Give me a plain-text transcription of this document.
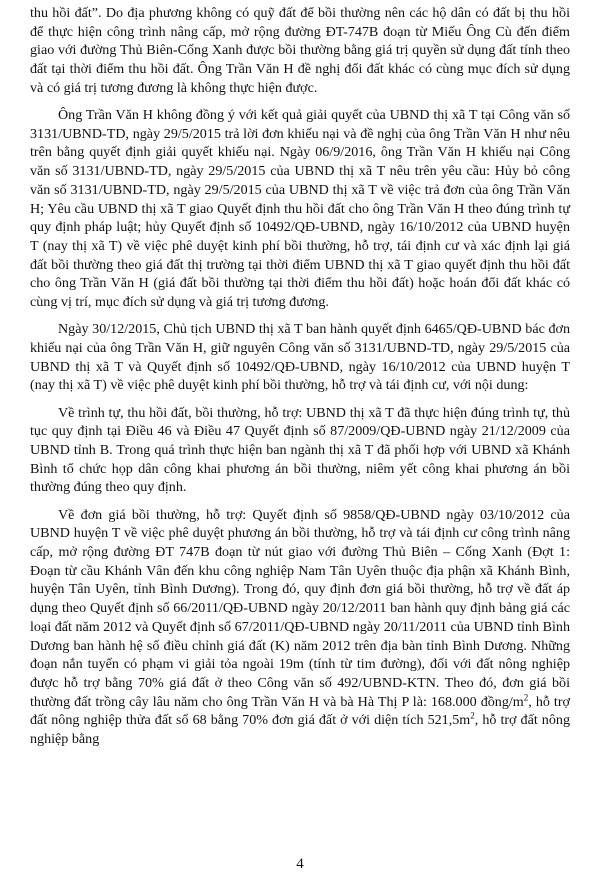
thu hồi đất”. Do địa phương không có quỹ đất để bồi thường nên các hộ dân có đất bị thu hồi để thực hiện công trình nâng cấp, mở rộng đường ĐT-747B đoạn từ Miếu Ông Cù đến điểm giao với đường Thủ Biên-Cống Xanh được bồi thường bằng giá trị quyền sử dụng đất tính theo đất tại thời điểm thu hồi đất. Ông Trần Văn H đề nghị đổi đất khác có cùng mục đích sử dụng và có giá trị tương đương là không thực hiện được.

Ông Trần Văn H không đồng ý với kết quả giải quyết của UBND thị xã T tại Công văn số 3131/UBND-TD, ngày 29/5/2015 trả lời đơn khiếu nại và đề nghị của ông Trần Văn H như nêu trên bằng quyết định giải quyết khiếu nại. Ngày 06/9/2016, ông Trần Văn H khiếu nại Công văn số 3131/UBND-TD, ngày 29/5/2015 của UBND thị xã T nêu trên yêu cầu: Hủy bỏ công văn số 3131/UBND-TD, ngày 29/5/2015 của UBND thị xã T về việc trả đơn của ông Trần Văn H; Yêu cầu UBND thị xã T giao Quyết định thu hồi đất cho ông Trần Văn H theo đúng trình tự quy định pháp luật; hủy Quyết định số 10492/QĐ-UBND, ngày 16/10/2012 của UBND huyện T (nay thị xã T) về việc phê duyệt kinh phí bồi thường, hỗ trợ, tái định cư và xác định lại giá đất bồi thường theo giá đất thị trường tại thời điểm UBND thị xã T giao quyết định thu hồi đất cho ông Trần Văn H (giá đất bồi thường tại thời điểm thu hồi đất) hoặc hoán đổi đất khác có cùng vị trí, mục đích sử dụng và giá trị tương đương.

Ngày 30/12/2015, Chủ tịch UBND thị xã T ban hành quyết định 6465/QĐ-UBND bác đơn khiếu nại của ông Trần Văn H, giữ nguyên Công văn số 3131/UBND-TD, ngày 29/5/2015 của UBND thị xã T và Quyết định số 10492/QĐ-UBND, ngày 16/10/2012 của UBND huyện T (nay thị xã T) về việc phê duyệt kinh phí bồi thường, hỗ trợ và tái định cư, với nội dung:

Về trình tự, thu hồi đất, bồi thường, hỗ trợ: UBND thị xã T đã thực hiện đúng trình tự, thủ tục quy định tại Điều 46 và Điều 47 Quyết định số 87/2009/QĐ-UBND ngày 21/12/2009 của UBND tỉnh B. Trong quá trình thực hiện ban ngành thị xã T đã phối hợp với UBND xã Khánh Bình tổ chức họp dân công khai phương án bồi thường, niêm yết công khai phương án bồi thường đúng theo quy định.

Về đơn giá bồi thường, hỗ trợ: Quyết định số 9858/QĐ-UBND ngày 03/10/2012 của UBND huyện T về việc phê duyệt phương án bồi thường, hỗ trợ và tái định cư công trình nâng cấp, mở rộng đường ĐT 747B đoạn từ nút giao với đường Thủ Biên – Cống Xanh (Đợt 1: Đoạn từ cầu Khánh Vân đến khu công nghiệp Nam Tân Uyên thuộc địa phận xã Khánh Bình, huyện Tân Uyên, tỉnh Bình Dương). Trong đó, quy định đơn giá bồi thường, hỗ trợ về đất áp dụng theo Quyết định số 66/2011/QĐ-UBND ngày 20/12/2011 ban hành quy định bảng giá các loại đất năm 2012 và Quyết định số 67/2011/QĐ-UBND ngày 20/11/2011 của UBND tỉnh Bình Dương ban hành hệ số điều chỉnh giá đất (K) năm 2012 trên địa bàn tỉnh Bình Dương. Những đoạn nắn tuyến có phạm vi giải tỏa ngoài 19m (tính từ tim đường), đối với đất nông nghiệp được hỗ trợ bằng 70% giá đất ở theo Công văn số 492/UBND-KTN. Theo đó, đơn giá bồi thường đất trồng cây lâu năm cho ông Trần Văn H và bà Hà Thị P là: 168.000 đồng/$m^2$, hỗ trợ đất nông nghiệp thửa đất số 68 bằng 70% đơn giá đất ở với diện tích $521,5m^2$, hỗ trợ đất nông nghiệp bằng

4
